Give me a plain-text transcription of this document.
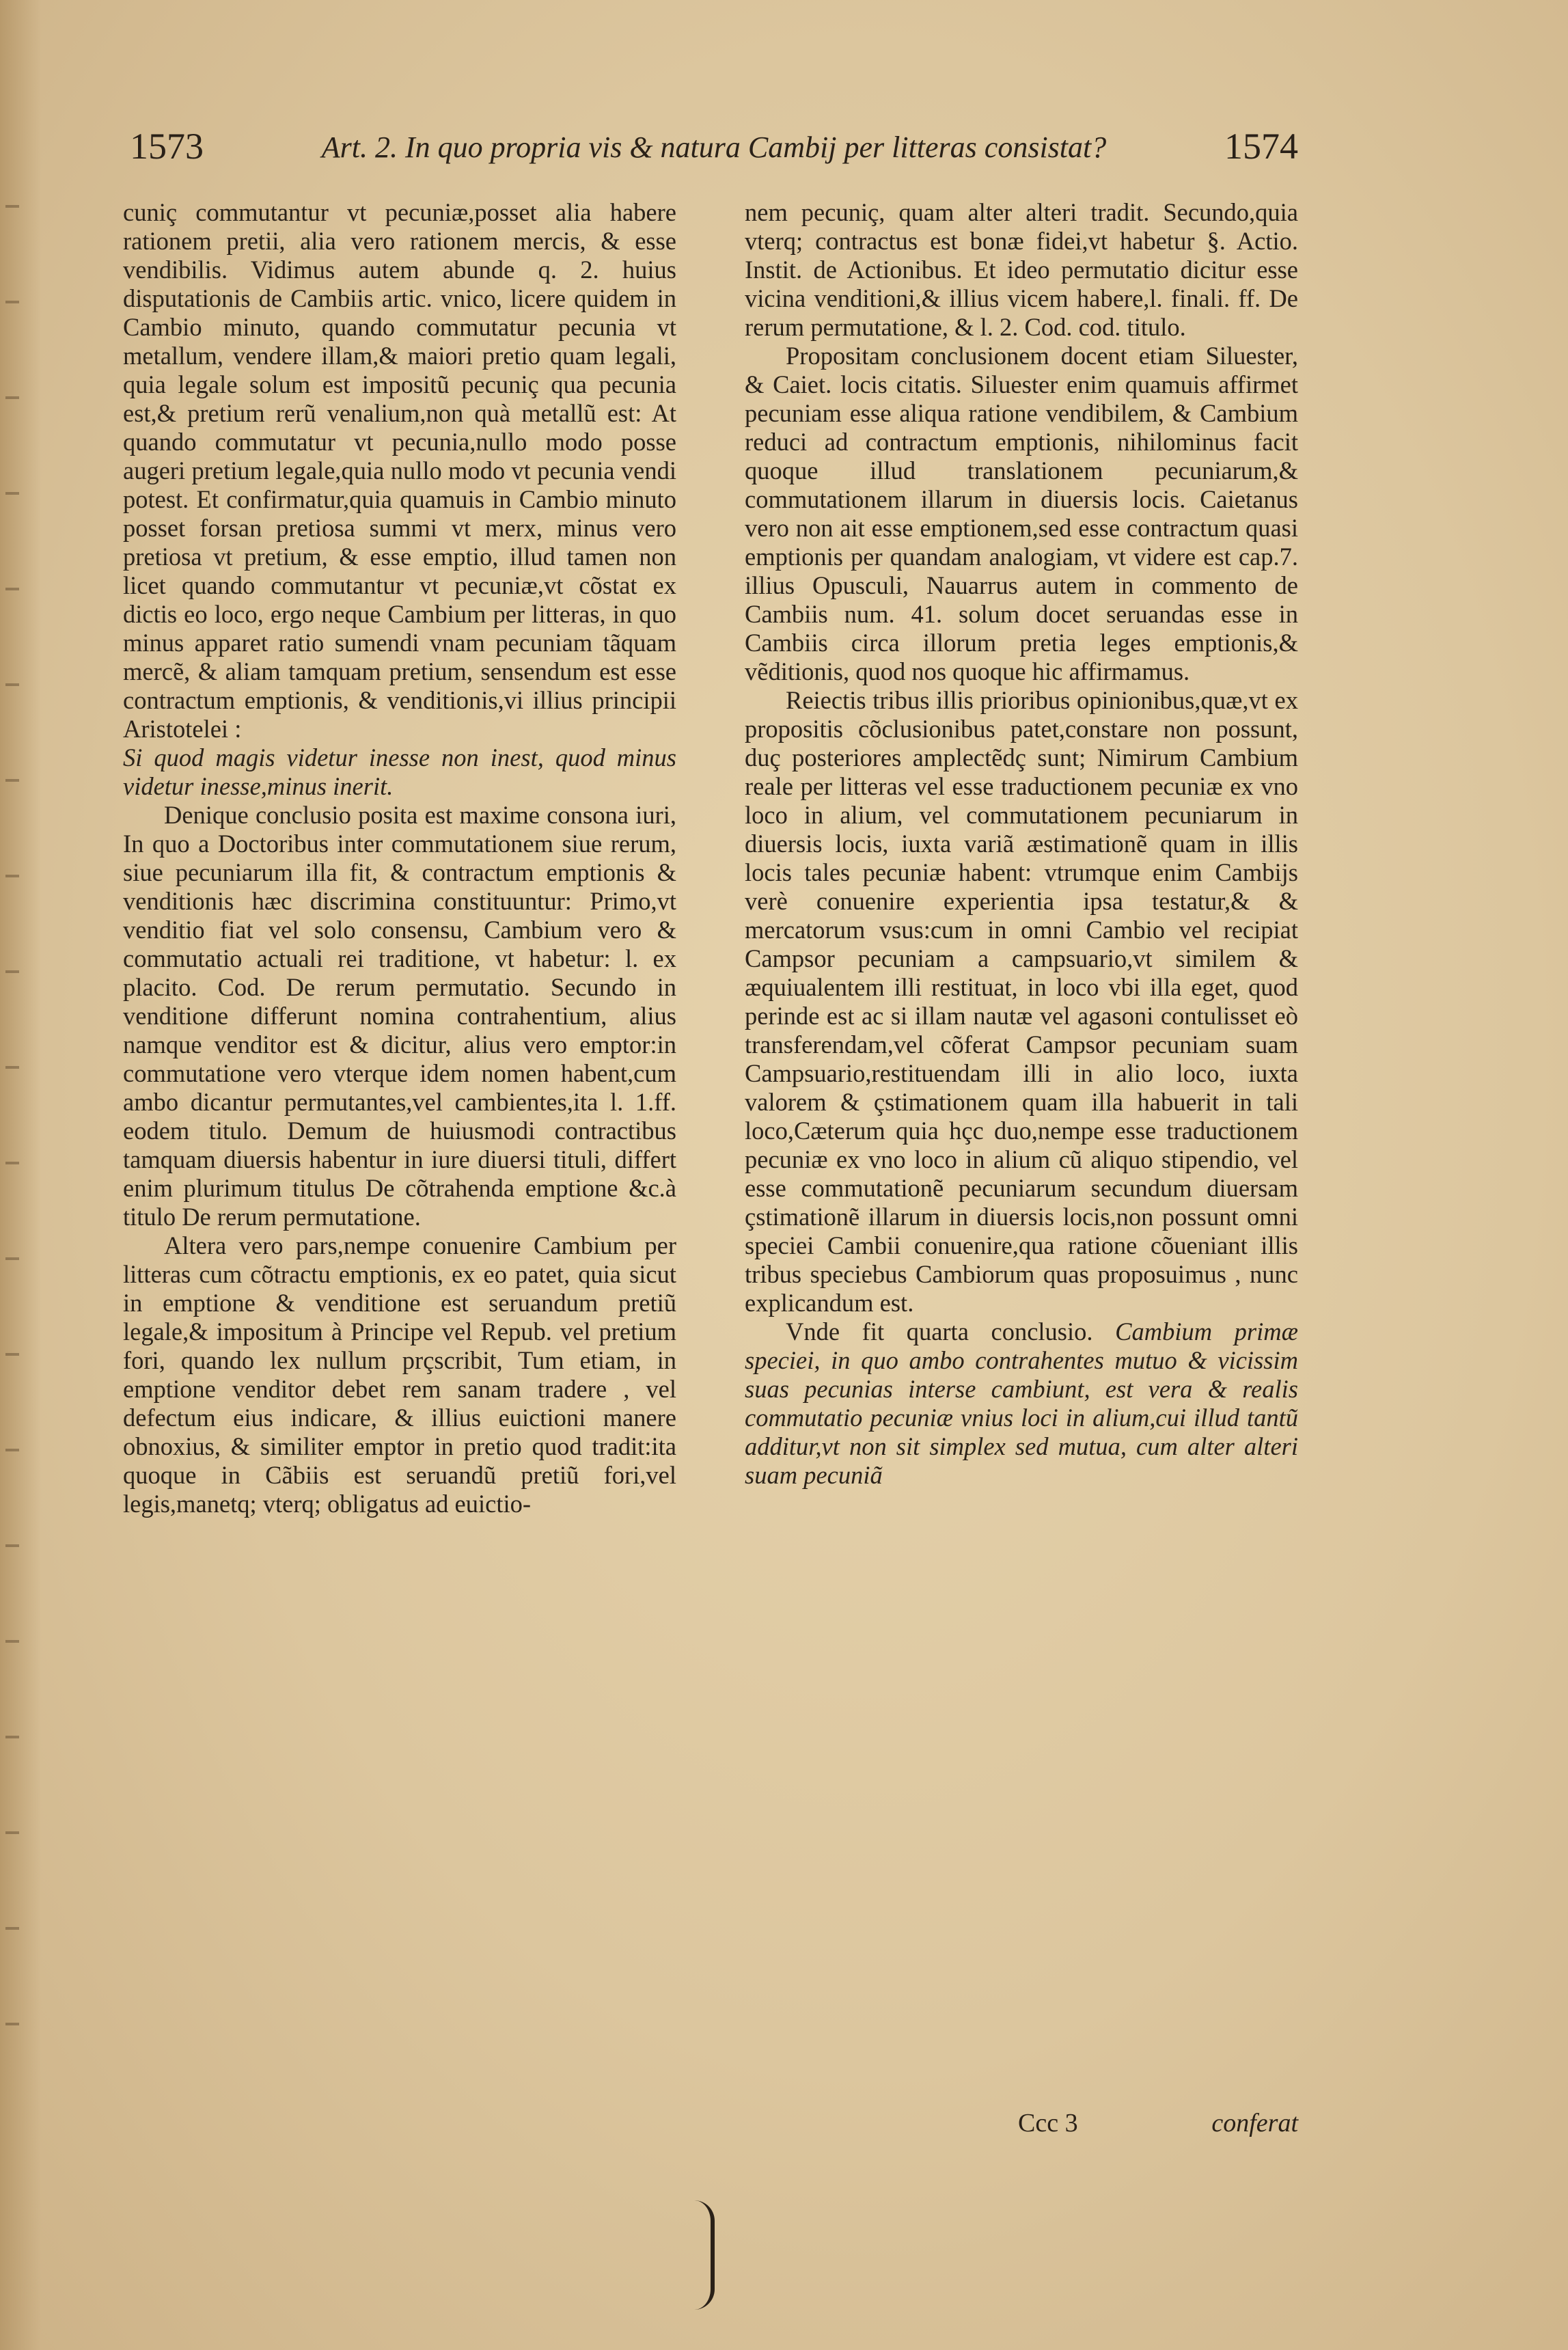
1573	Art. 2. In quo propria vis & natura Cambij per litteras consistat?	1574

cuniç commutantur vt pecuniæ,posset alia habere rationem pretii, alia vero rationem mercis, & esse vendibilis. Vidimus autem abunde q. 2. huius disputationis de Cambiis artic. vnico, licere quidem in Cambio minuto, quando commutatur pecunia vt metallum, vendere illam,& maiori pretio quam legali, quia legale solum est impositũ pecuniç qua pecunia est,& pretium rerũ venalium,non quà metallũ est: At quando commutatur vt pecunia,nullo modo posse augeri pretium legale,quia nullo modo vt pecunia vendi potest. Et confirmatur,quia quamuis in Cambio minuto posset forsan pretiosa summi vt merx, minus vero pretiosa vt pretium, & esse emptio, illud tamen non licet quando commutantur vt pecuniæ,vt cõstat ex dictis eo loco, ergo neque Cambium per litteras, in quo minus apparet ratio sumendi vnam pecuniam tãquam mercẽ, & aliam tamquam pretium, sensendum est esse contractum emptionis, & venditionis,vi illius principii Aristotelei :

Si quod magis videtur inesse non inest, quod minus videtur inesse,minus inerit.

Denique conclusio posita est maxime consona iuri, In quo a Doctoribus inter commutationem siue rerum, siue pecuniarum illa fit, & contractum emptionis & venditionis hæc discrimina constituuntur: Primo,vt venditio fiat vel solo consensu, Cambium vero & commutatio actuali rei traditione, vt habetur: l. ex placito. Cod. De rerum permutatio. Secundo in venditione differunt nomina contrahentium, alius namque venditor est & dicitur, alius vero emptor:in commutatione vero vterque idem nomen habent,cum ambo dicantur permutantes,vel cambientes,ita l. 1.ff. eodem titulo. Demum de huiusmodi contractibus tamquam diuersis habentur in iure diuersi tituli, differt enim plurimum titulus De cõtrahenda emptione &c.à titulo De rerum permutatione.

Altera vero pars,nempe conuenire Cambium per litteras cum cõtractu emptionis, ex eo patet, quia sicut in emptione & venditione est seruandum pretiũ legale,& impositum à Principe vel Repub. vel pretium fori, quando lex nullum prçscribit, Tum etiam, in emptione venditor debet rem sanam tradere , vel defectum eius indicare, & illius euictioni manere obnoxius, & similiter emptor in pretio quod tradit:ita quoque in Cãbiis est seruandũ pretiũ fori,vel legis,manetq; vterq; obligatus ad euictio-

nem pecuniç, quam alter alteri tradit. Secundo,quia vterq; contractus est bonæ fidei,vt habetur §. Actio. Instit. de Actionibus. Et ideo permutatio dicitur esse vicina venditioni,& illius vicem habere,l. finali. ff. De rerum permutatione, & l. 2. Cod. cod. titulo.

Propositam conclusionem docent etiam Siluester, & Caiet. locis citatis. Siluester enim quamuis affirmet pecuniam esse aliqua ratione vendibilem, & Cambium reduci ad contractum emptionis, nihilominus facit quoque illud translationem pecuniarum,& commutationem illarum in diuersis locis. Caietanus vero non ait esse emptionem,sed esse contractum quasi emptionis per quandam analogiam, vt videre est cap.7. illius Opusculi, Nauarrus autem in commento de Cambiis num. 41. solum docet seruandas esse in Cambiis circa illorum pretia leges emptionis,& vẽditionis, quod nos quoque hic affirmamus.

Reiectis tribus illis prioribus opinionibus,quæ,vt ex propositis cõclusionibus patet,constare non possunt, duç posteriores amplectẽdç sunt; Nimirum Cambium reale per litteras vel esse traductionem pecuniæ ex vno loco in alium, vel commutationem pecuniarum in diuersis locis, iuxta variã æstimationẽ quam in illis locis tales pecuniæ habent: vtrumque enim Cambijs verè conuenire experientia ipsa testatur,& & mercatorum vsus:cum in omni Cambio vel recipiat Campsor pecuniam a campsuario,vt similem & æquiualentem illi restituat, in loco vbi illa eget, quod perinde est ac si illam nautæ vel agasoni contulisset eò transferendam,vel cõferat Campsor pecuniam suam Campsuario,restituendam illi in alio loco, iuxta valorem & çstimationem quam illa habuerit in tali loco,Cæterum quia hçc duo,nempe esse traductionem pecuniæ ex vno loco in alium cũ aliquo stipendio, vel esse commutationẽ pecuniarum secundum diuersam çstimationẽ illarum in diuersis locis,non possunt omni speciei Cambii conuenire,qua ratione cõueniant illis tribus speciebus Cambiorum quas proposuimus , nunc explicandum est.

Vnde fit quarta conclusio. Cambium primæ speciei, in quo ambo contrahentes mutuo & vicissim suas pecunias interse cambiunt, est vera & realis commutatio pecuniæ vnius loci in alium,cui illud tantũ additur,vt non sit simplex sed mutua, cum alter alteri suam pecuniã

Ccc 3	conferat
